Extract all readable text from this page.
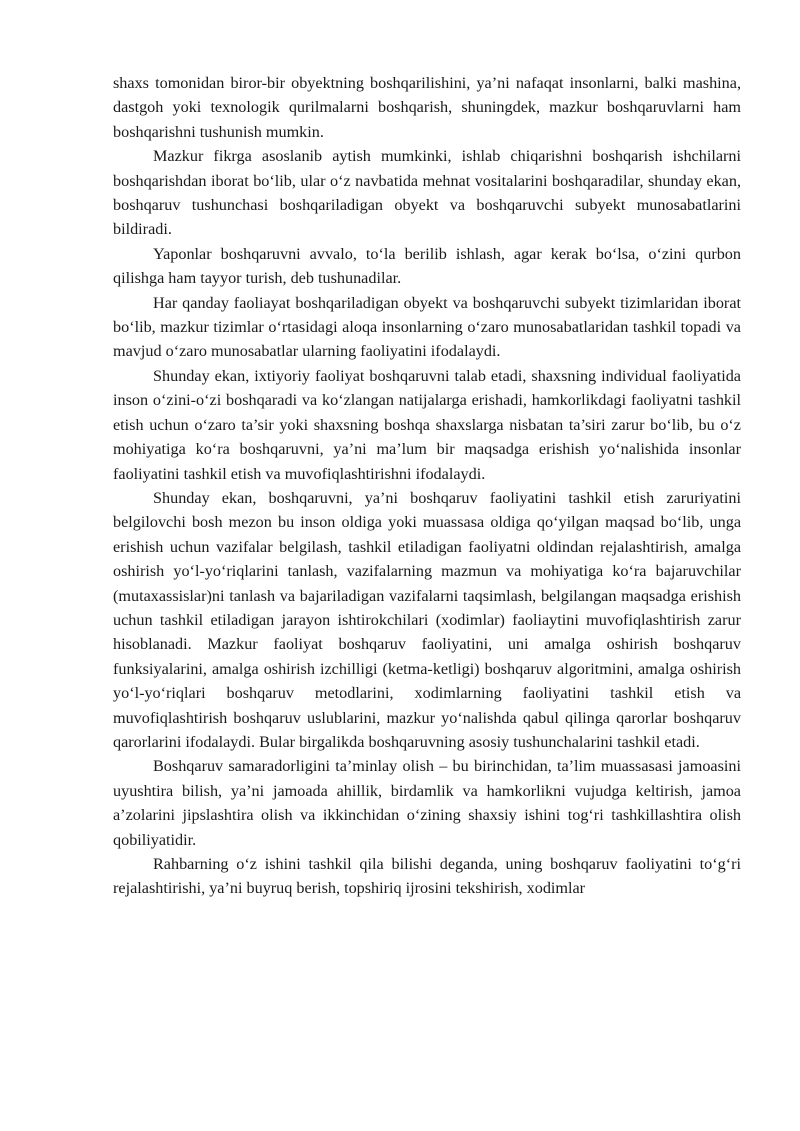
shaxs tomonidan biror-bir obyektning boshqarilishini, ya’ni nafaqat insonlarni, balki mashina, dastgoh yoki texnologik qurilmalarni boshqarish, shuningdek, mazkur boshqaruvlarni ham boshqarishni tushunish mumkin.

Mazkur fikrga asoslanib aytish mumkinki, ishlab chiqarishni boshqarish ishchilarni boshqarishdan iborat bo‘lib, ular o‘z navbatida mehnat vositalarini boshqaradilar, shunday ekan, boshqaruv tushunchasi boshqariladigan obyekt va boshqaruvchi subyekt munosabatlarini bildiradi.

Yaponlar boshqaruvni avvalo, to‘la berilib ishlash, agar kerak bo‘lsa, o‘zini qurbon qilishga ham tayyor turish, deb tushunadilar.

Har qanday faoliayat boshqariladigan obyekt va boshqaruvchi subyekt tizimlaridan iborat bo‘lib, mazkur tizimlar o‘rtasidagi aloqa insonlarning o‘zaro munosabatlaridan tashkil topadi va mavjud o‘zaro munosabatlar ularning faoliyatini ifodalaydi.

Shunday ekan, ixtiyoriy faoliyat boshqaruvni talab etadi, shaxsning individual faoliyatida inson o‘zini-o‘zi boshqaradi va ko‘zlangan natijalarga erishadi, hamkorlikdagi faoliyatni tashkil etish uchun o‘zaro ta’sir yoki shaxsning boshqa shaxslarga nisbatan ta’siri zarur bo‘lib, bu o‘z mohiyatiga ko‘ra boshqaruvni, ya’ni ma’lum bir maqsadga erishish yo‘nalishida insonlar faoliyatini tashkil etish va muvofiqlashtirishni ifodalaydi.

Shunday ekan, boshqaruvni, ya’ni boshqaruv faoliyatini tashkil etish zaruriyatini belgilovchi bosh mezon bu inson oldiga yoki muassasa oldiga qo‘yilgan maqsad bo‘lib, unga erishish uchun vazifalar belgilash, tashkil etiladigan faoliyatni oldindan rejalashtirish, amalga oshirish yo‘l-yo‘riqlarini tanlash, vazifalarning mazmun va mohiyatiga ko‘ra bajaruvchilar (mutaxassislar)ni tanlash va bajariladigan vazifalarni taqsimlash, belgilangan maqsadga erishish uchun tashkil etiladigan jarayon ishtirokchilari (xodimlar) faoliaytini muvofiqlashtirish zarur hisoblanadi. Mazkur faoliyat boshqaruv faoliyatini, uni amalga oshirish boshqaruv funksiyalarini, amalga oshirish izchilligi (ketma-ketligi) boshqaruv algoritmini, amalga oshirish yo‘l-yo‘riqlari boshqaruv metodlarini, xodimlarning faoliyatini tashkil etish va muvofiqlashtirish boshqaruv uslublarini, mazkur yo‘nalishda qabul qilinga qarorlar boshqaruv qarorlarini ifodalaydi. Bular birgalikda boshqaruvning asosiy tushunchalarini tashkil etadi.

Boshqaruv samaradorligini ta’minlay olish – bu birinchidan, ta’lim muassasasi jamoasini uyushtira bilish, ya’ni jamoada ahillik, birdamlik va hamkorlikni vujudga keltirish, jamoa a’zolarini jipslashtira olish va ikkinchidan o‘zining shaxsiy ishini tog‘ri tashkillashtira olish qobiliyatidir.

Rahbarning o‘z ishini tashkil qila bilishi deganda, uning boshqaruv faoliyatini to‘g‘ri rejalashtirishi, ya’ni buyruq berish, topshiriq ijrosini tekshirish, xodimlar
